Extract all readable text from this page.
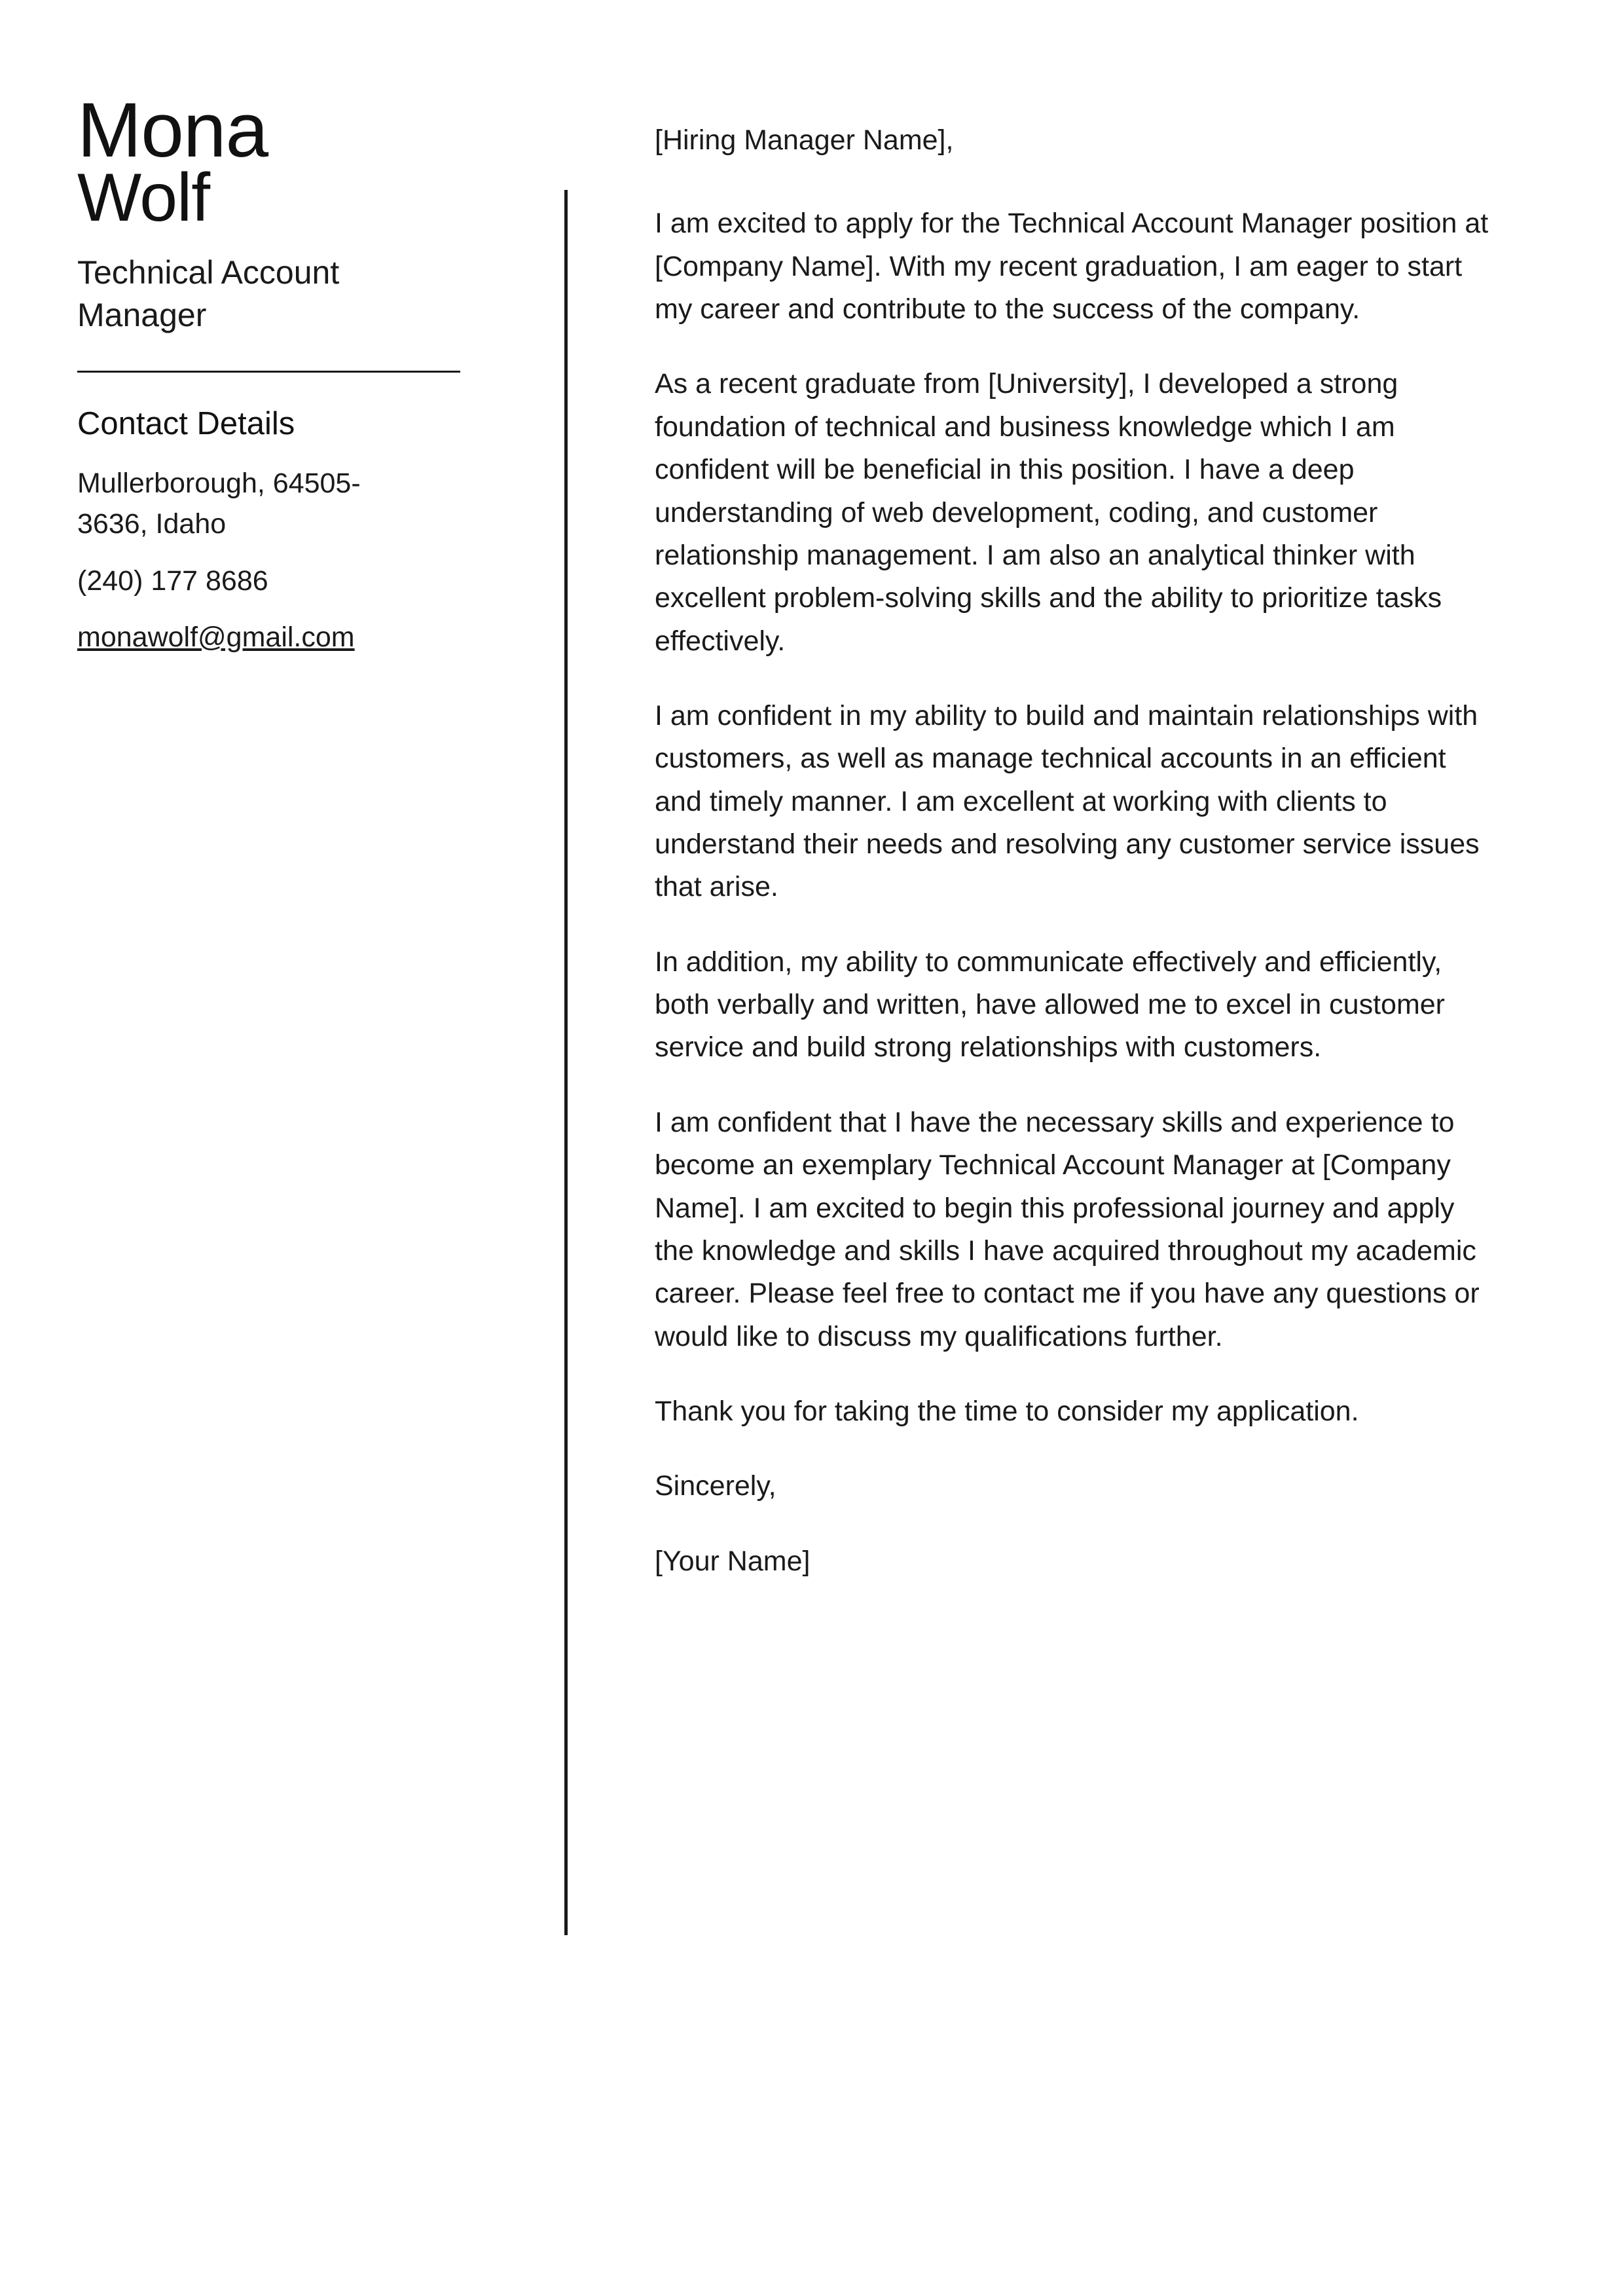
Mona
Wolf
Technical Account Manager
Contact Details
Mullerborough, 64505-3636, Idaho
(240) 177 8686
monawolf@gmail.com

[Hiring Manager Name],

I am excited to apply for the Technical Account Manager position at [Company Name]. With my recent graduation, I am eager to start my career and contribute to the success of the company.

As a recent graduate from [University], I developed a strong foundation of technical and business knowledge which I am confident will be beneficial in this position. I have a deep understanding of web development, coding, and customer relationship management. I am also an analytical thinker with excellent problem-solving skills and the ability to prioritize tasks effectively.

I am confident in my ability to build and maintain relationships with customers, as well as manage technical accounts in an efficient and timely manner. I am excellent at working with clients to understand their needs and resolving any customer service issues that arise.

In addition, my ability to communicate effectively and efficiently, both verbally and written, have allowed me to excel in customer service and build strong relationships with customers.

I am confident that I have the necessary skills and experience to become an exemplary Technical Account Manager at [Company Name]. I am excited to begin this professional journey and apply the knowledge and skills I have acquired throughout my academic career. Please feel free to contact me if you have any questions or would like to discuss my qualifications further.

Thank you for taking the time to consider my application.

Sincerely,

[Your Name]
